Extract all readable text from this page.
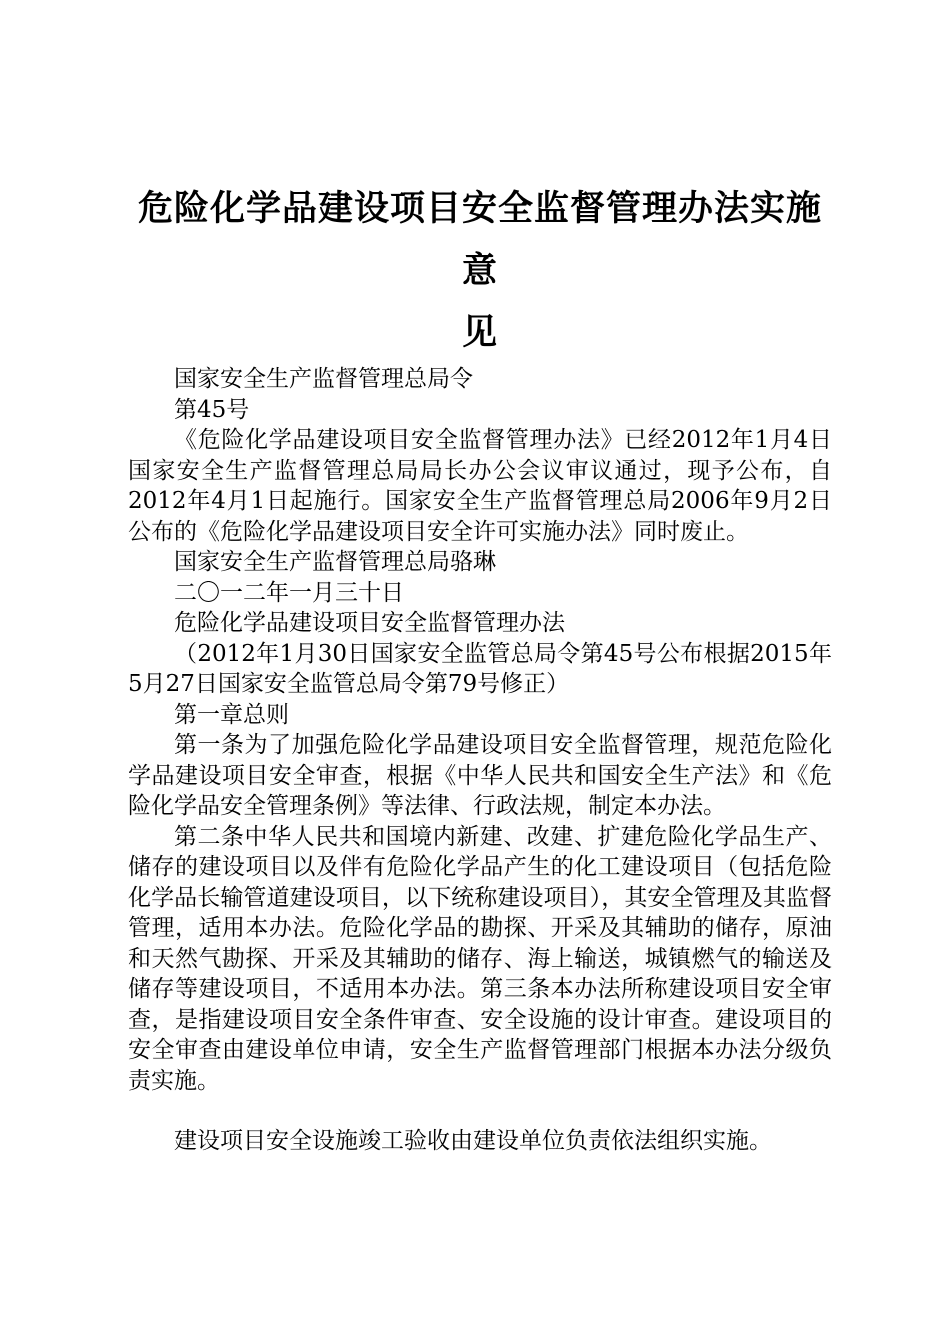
危险化学品建设项目安全监督管理办法实施意
见

国家安全生产监督管理总局令

第45号

《危险化学品建设项目安全监督管理办法》已经2012年1月4日国家安全生产监督管理总局局长办公会议审议通过，现予公布，自2012年4月1日起施行。国家安全生产监督管理总局2006年9月2日公布的《危险化学品建设项目安全许可实施办法》同时废止。

国家安全生产监督管理总局骆琳

二〇一二年一月三十日

危险化学品建设项目安全监督管理办法

（2012年1月30日国家安全监管总局令第45号公布根据2015年5月27日国家安全监管总局令第79号修正）

第一章总则

第一条为了加强危险化学品建设项目安全监督管理，规范危险化学品建设项目安全审查，根据《中华人民共和国安全生产法》和《危险化学品安全管理条例》等法律、行政法规，制定本办法。

第二条中华人民共和国境内新建、改建、扩建危险化学品生产、储存的建设项目以及伴有危险化学品产生的化工建设项目（包括危险化学品长输管道建设项目，以下统称建设项目），其安全管理及其监督管理，适用本办法。危险化学品的勘探、开采及其辅助的储存，原油和天然气勘探、开采及其辅助的储存、海上输送，城镇燃气的输送及储存等建设项目，不适用本办法。第三条本办法所称建设项目安全审查，是指建设项目安全条件审查、安全设施的设计审查。建设项目的安全审查由建设单位申请，安全生产监督管理部门根据本办法分级负责实施。

建设项目安全设施竣工验收由建设单位负责依法组织实施。
